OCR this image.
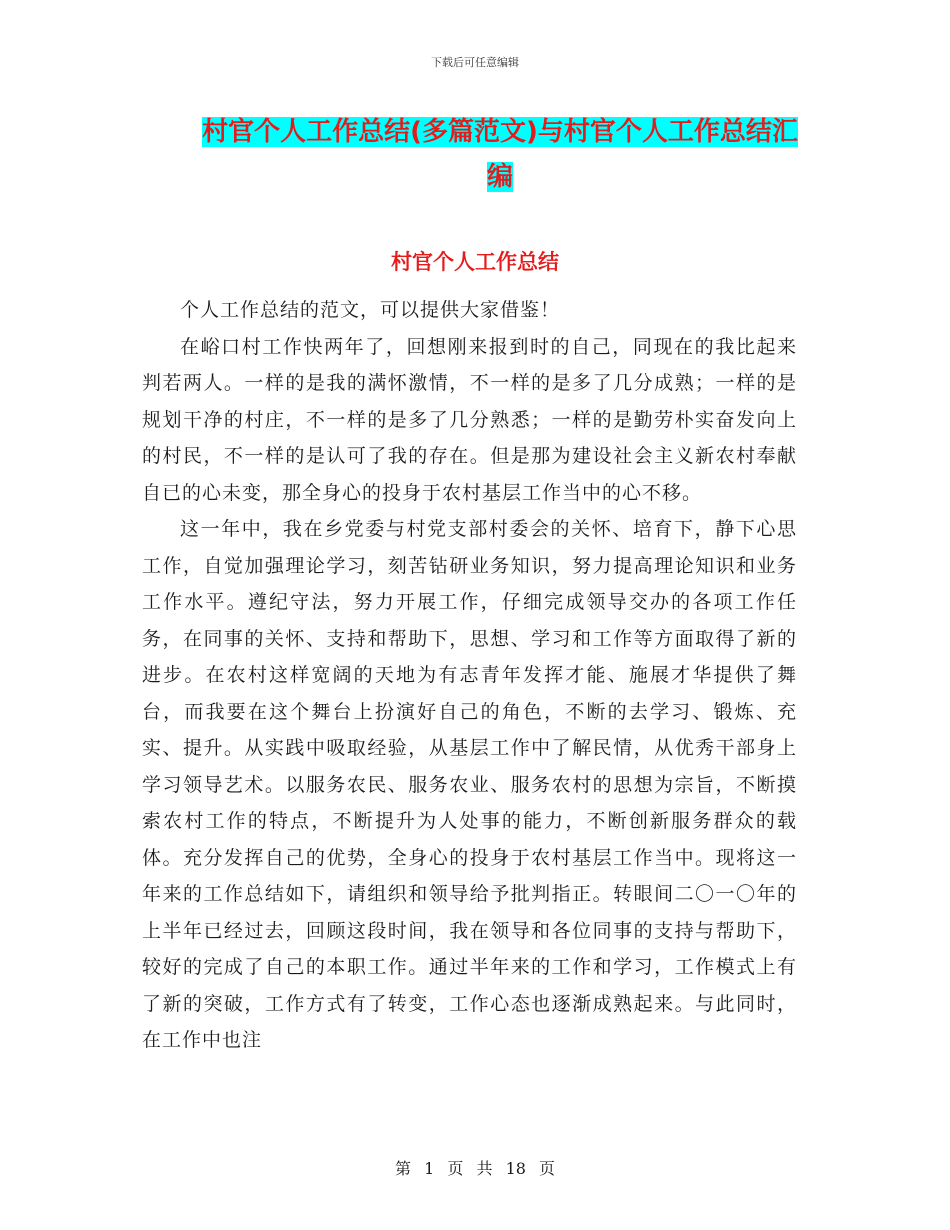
下载后可任意编辑
村官个人工作总结(多篇范文)与村官个人工作总结汇编
村官个人工作总结

个人工作总结的范文，可以提供大家借鉴！

在峪口村工作快两年了，回想刚来报到时的自己，同现在的我比起来判若两人。一样的是我的满怀激情，不一样的是多了几分成熟；一样的是规划干净的村庄，不一样的是多了几分熟悉；一样的是勤劳朴实奋发向上的村民，不一样的是认可了我的存在。但是那为建设社会主义新农村奉献自已的心未变，那全身心的投身于农村基层工作当中的心不移。

这一年中，我在乡党委与村党支部村委会的关怀、培育下，静下心思工作，自觉加强理论学习，刻苦钻研业务知识，努力提高理论知识和业务工作水平。遵纪守法，努力开展工作，仔细完成领导交办的各项工作任务，在同事的关怀、支持和帮助下，思想、学习和工作等方面取得了新的进步。在农村这样宽阔的天地为有志青年发挥才能、施展才华提供了舞台，而我要在这个舞台上扮演好自己的角色，不断的去学习、锻炼、充实、提升。从实践中吸取经验，从基层工作中了解民情，从优秀干部身上学习领导艺术。以服务农民、服务农业、服务农村的思想为宗旨，不断摸索农村工作的特点，不断提升为人处事的能力，不断创新服务群众的载体。充分发挥自己的优势，全身心的投身于农村基层工作当中。现将这一年来的工作总结如下，请组织和领导给予批判指正。转眼间二〇一〇年的上半年已经过去，回顾这段时间，我在领导和各位同事的支持与帮助下，较好的完成了自己的本职工作。通过半年来的工作和学习，工作模式上有了新的突破，工作方式有了转变，工作心态也逐渐成熟起来。与此同时，在工作中也注

第 1 页 共 18 页
